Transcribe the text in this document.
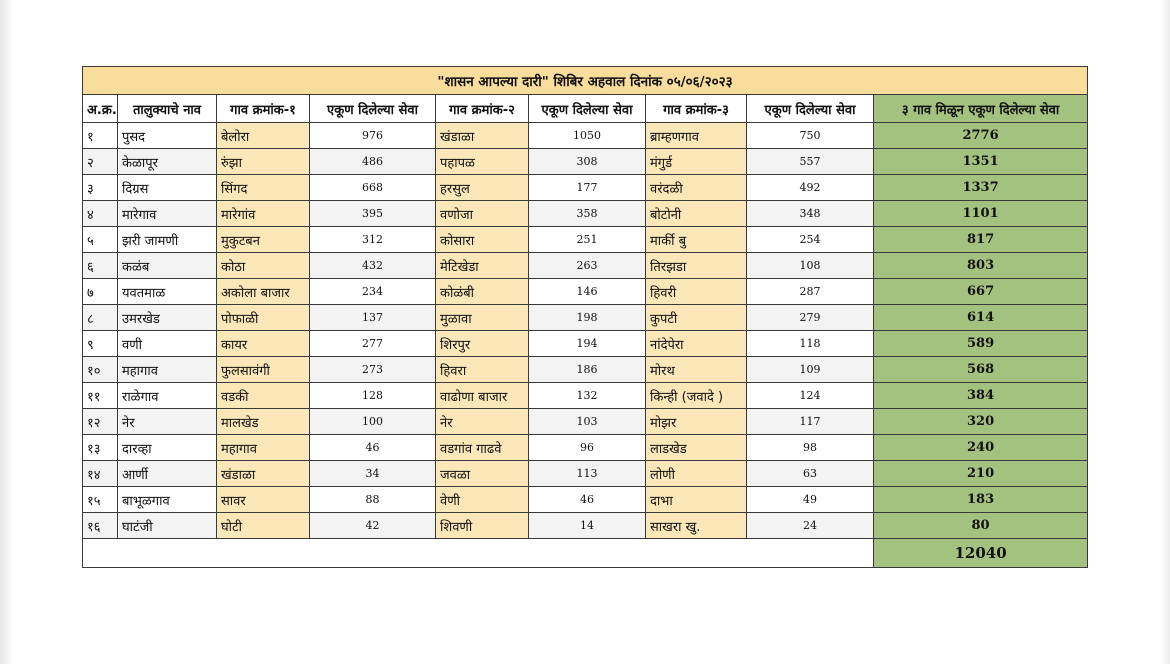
"शासन आपल्या दारी" शिबिर अहवाल दिनांक ०५/०६/२०२३								
अ.क्र.	तालुक्याचे नाव	गाव क्रमांक-१	एकूण दिलेल्या सेवा	गाव क्रमांक-२	एकूण दिलेल्या सेवा	गाव क्रमांक-३	एकूण दिलेल्या सेवा	३ गाव मिळून एकूण दिलेल्या सेवा
१	पुसद	बेलोरा	976	खंडाळा	1050	ब्राम्हणगाव	750	2776
२	केळापूर	रुंझा	486	पहापळ	308	मंगुर्ड	557	1351
३	दिग्रस	सिंगद	668	हरसुल	177	वरंदळी	492	1337
४	मारेगाव	मारेगांव	395	वणोजा	358	बोटोनी	348	1101
५	झरी जामणी	मुकुटबन	312	कोसारा	251	मार्की बु	254	817
६	कळंब	कोठा	432	मेटिखेडा	263	तिरझडा	108	803
७	यवतमाळ	अकोला बाजार	234	कोळंबी	146	हिवरी	287	667
८	उमरखेड	पोफाळी	137	मुळावा	198	कुपटी	279	614
९	वणी	कायर	277	शिरपुर	194	नांदेपेरा	118	589
१०	महागाव	फुलसावंगी	273	हिवरा	186	मोरथ	109	568
११	राळेगाव	वडकी	128	वाढोणा बाजार	132	किन्ही (जवादे )	124	384
१२	नेर	मालखेड	100	नेर	103	मोझर	117	320
१३	दारव्हा	महागाव	46	वडगांव गाढवे	96	लाडखेड	98	240
१४	आर्णी	खंडाळा	34	जवळा	113	लोणी	63	210
१५	बाभूळगाव	सावर	88	वेणी	46	दाभा	49	183
१६	घाटंजी	घोटी	42	शिवणी	14	साखरा खु.	24	80
								12040
